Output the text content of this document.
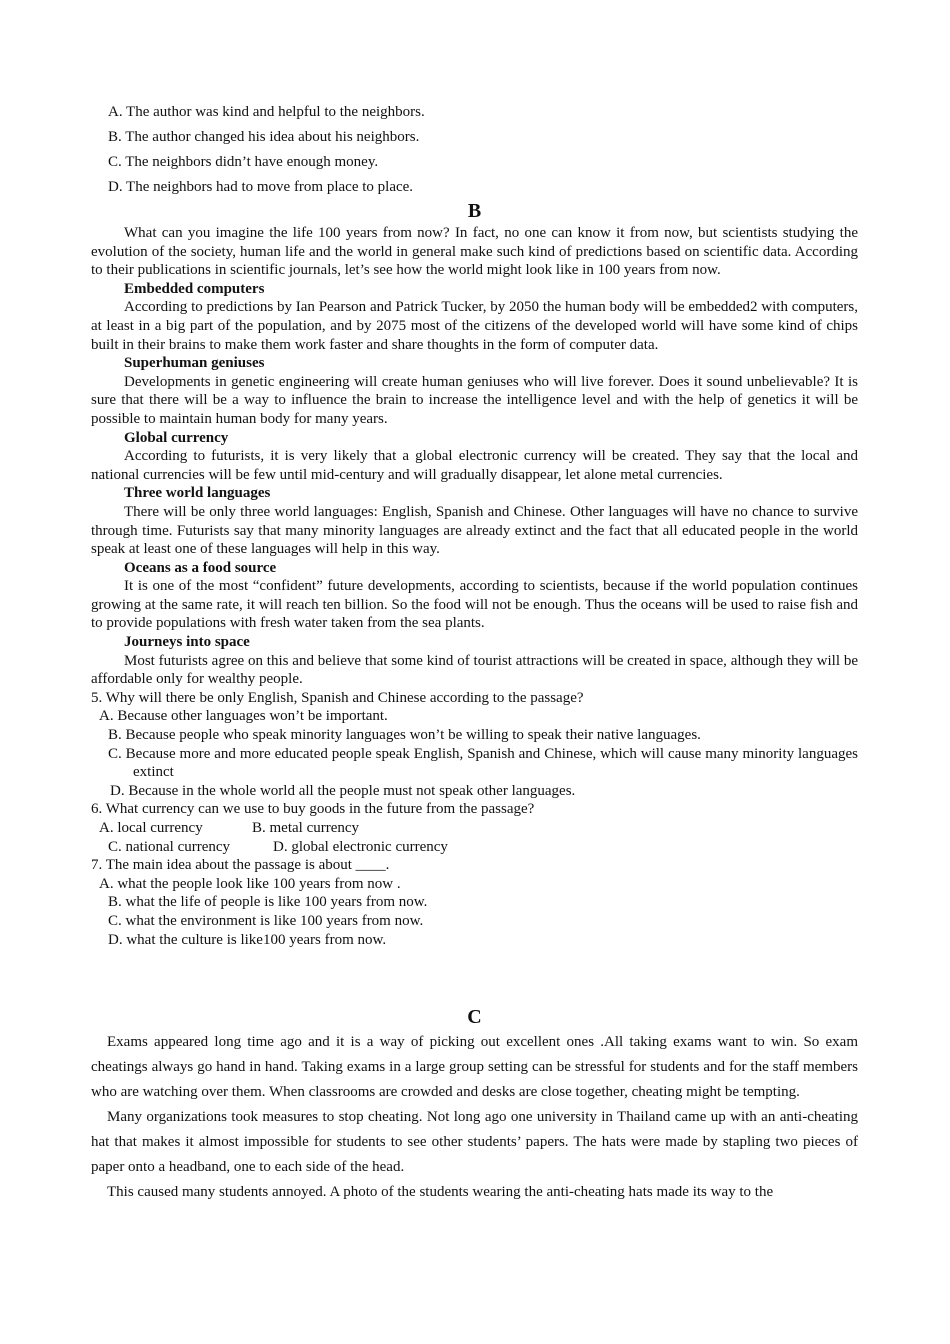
A. The author was kind and helpful to the neighbors.

B. The author changed his idea about his neighbors.

C. The neighbors didn’t have enough money.

D. The neighbors had to move from place to place.

B

What can you imagine the life 100 years from now? In fact, no one can know it from now, but scientists studying the evolution of the society, human life and the world in general make such kind of predictions based on scientific data. According to their publications in scientific journals, let’s see how the world might look like in 100 years from now.

Embedded computers

According to predictions by Ian Pearson and Patrick Tucker, by 2050 the human body will be embedded2 with computers, at least in a big part of the population, and by 2075 most of the citizens of the developed world will have some kind of chips built in their brains to make them work faster and share thoughts in the form of computer data.

Superhuman geniuses

Developments in genetic engineering will create human geniuses who will live forever. Does it sound unbelievable? It is sure that there will be a way to influence the brain to increase the intelligence level and with the help of genetics it will be possible to maintain human body for many years.

Global currency

According to futurists, it is very likely that a global electronic currency will be created. They say that the local and national currencies will be few until mid-century and will gradually disappear, let alone metal currencies.

Three world languages

There will be only three world languages: English, Spanish and Chinese. Other languages will have no chance to survive through time. Futurists say that many minority languages are already extinct and the fact that all educated people in the world speak at least one of these languages will help in this way.

Oceans as a food source

It is one of the most “confident” future developments, according to scientists, because if the world population continues growing at the same rate, it will reach ten billion. So the food will not be enough. Thus the oceans will be used to raise fish and to provide populations with fresh water taken from the sea plants.

Journeys into space

Most futurists agree on this and believe that some kind of tourist attractions will be created in space, although they will be affordable only for wealthy people.

5. Why will there be only English, Spanish and Chinese according to the passage?

A. Because other languages won’t be important.

B. Because people who speak minority languages won’t be willing to speak their native languages.

C. Because more and more educated people speak English, Spanish and Chinese, which will cause many minority languages extinct

D. Because in the whole world all the people must not speak other languages.

6. What currency can we use to buy goods in the future from the passage?

A. local currency	B. metal currency

C. national currency	D. global electronic currency

7. The main idea about the passage is about ____.

A. what the people look like 100 years from now .

B. what the life of people is like 100 years from now.

C. what the environment is like 100 years from now.

D. what the culture is like100 years from now.

C

Exams appeared long time ago and it is a way of picking out excellent ones .All taking exams want to win. So exam cheatings always go hand in hand. Taking exams in a large group setting can be stressful for students and for the staff members who are watching over them. When classrooms are crowded and desks are close together, cheating might be tempting.

Many organizations took measures to stop cheating. Not long ago one university in Thailand came up with an anti-cheating hat that makes it almost impossible for students to see other students’ papers. The hats were made by stapling two pieces of paper onto a headband, one to each side of the head.

This caused many students annoyed. A photo of the students wearing the anti-cheating hats made its way to the
